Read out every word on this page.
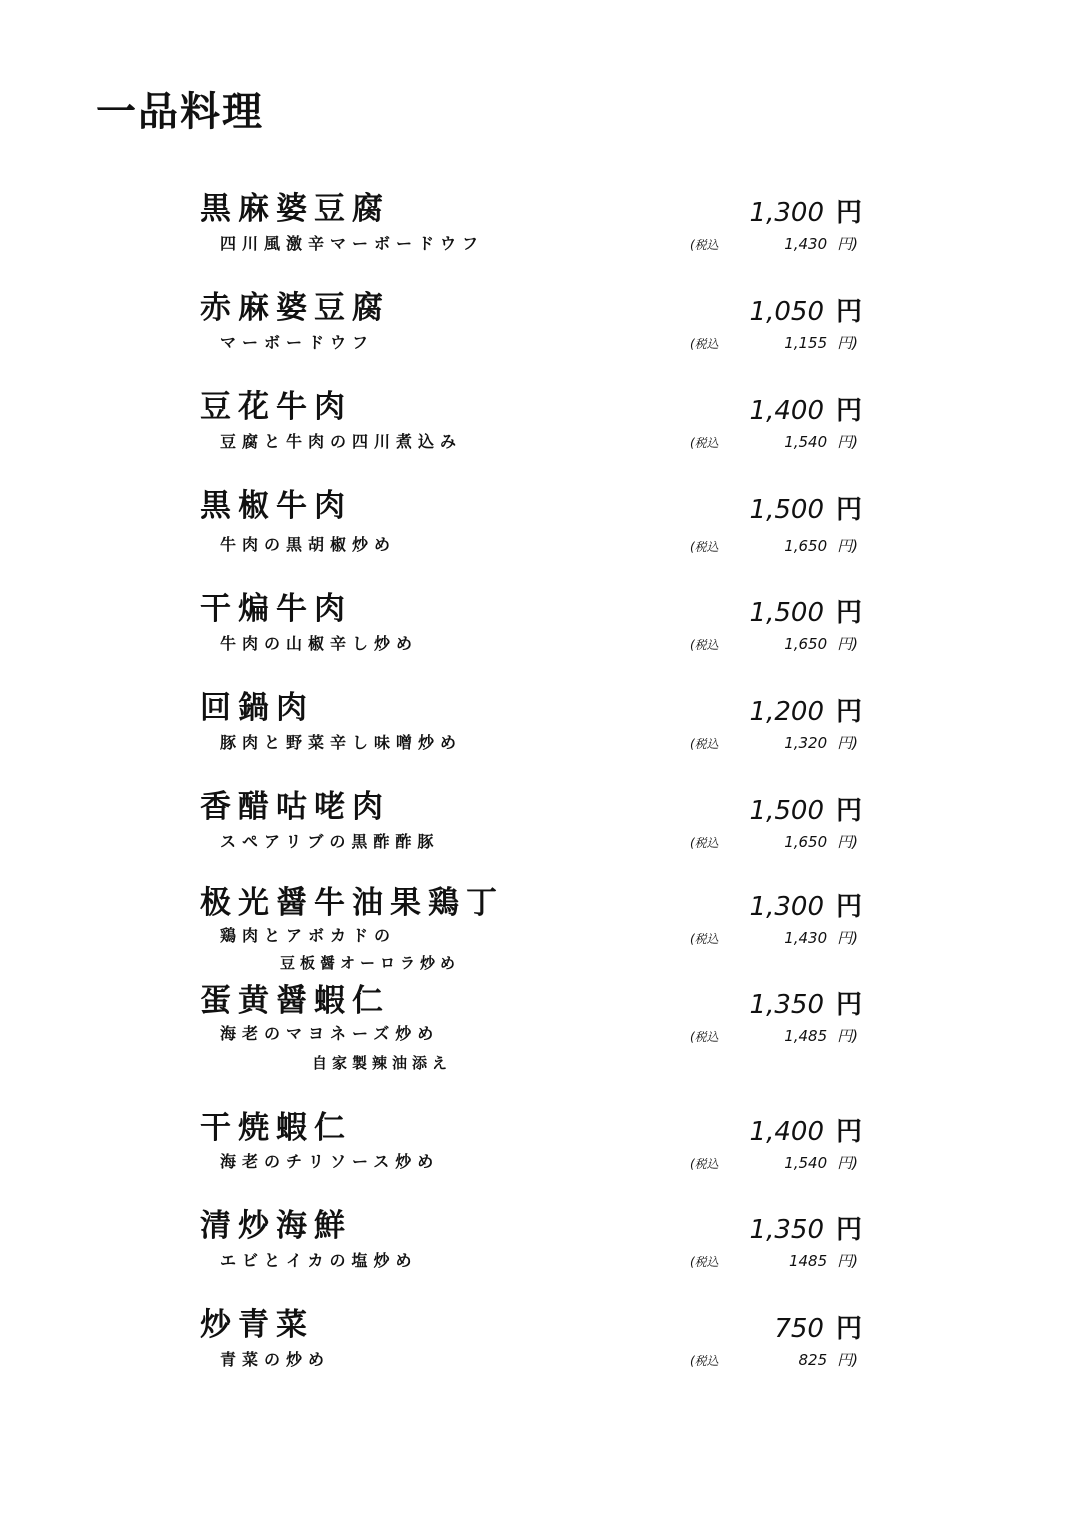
一品料理
黒麻婆豆腐
四川風激辛マーボードウフ
1,300 円
(税込	1,430 円)
赤麻婆豆腐
マーボードウフ
1,050 円
(税込	1,155 円)
豆花牛肉
豆腐と牛肉の四川煮込み
1,400 円
(税込	1,540 円)
黒椒牛肉
牛肉の黒胡椒炒め
1,500 円
(税込	1,650 円)
干煸牛肉
牛肉の山椒辛し炒め
1,500 円
(税込	1,650 円)
回鍋肉
豚肉と野菜辛し味噌炒め
1,200 円
(税込	1,320 円)
香醋咕咾肉
スペアリブの黒酢酢豚
1,500 円
(税込	1,650 円)
极光醤牛油果鶏丁
鶏肉とアボカドの
豆板醤オーロラ炒め
1,300 円
(税込	1,430 円)
蛋黄醤蝦仁
海老のマヨネーズ炒め
自家製辣油添え
1,350 円
(税込	1,485 円)
干焼蝦仁
海老のチリソース炒め
1,400 円
(税込	1,540 円)
清炒海鮮
エビとイカの塩炒め
1,350 円
(税込	1485 円)
炒青菜
青菜の炒め
750 円
(税込	825 円)
